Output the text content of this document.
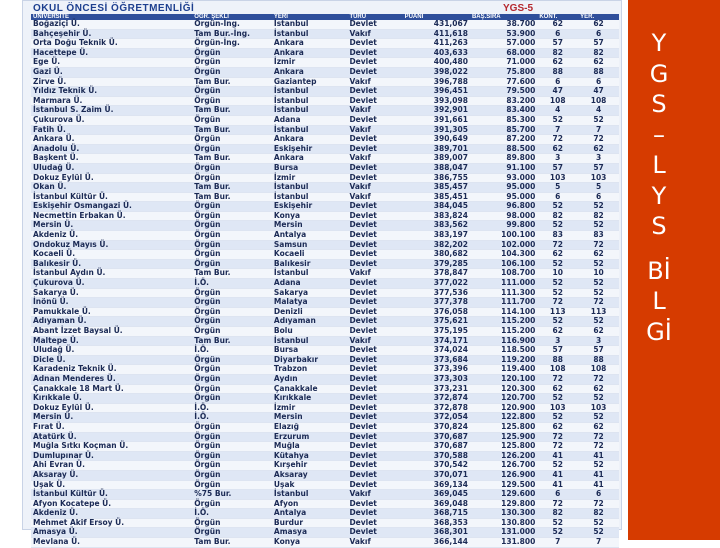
OKUL ÖNCESİ ÖĞRETMENLİĞİ	YGS-5
ÜNİVERSİTE	ÖĞR. ŞEKLİ	YERİ	TÜRÜ	PUANI	BAŞ.SIRA	KONT.	YER.
Boğaziçi Ü.	Örgün-İng.	İstanbul	Devlet	431,067	38.700	62	62
Bahçeşehir Ü.	Tam Bur.-İng.	İstanbul	Vakıf	411,618	53.900	6	6
Orta Doğu Teknik Ü.	Örgün-İng.	Ankara	Devlet	411,263	57.000	57	57
Hacettepe Ü.	Örgün	Ankara	Devlet	403,633	68.000	82	82
Ege Ü.	Örgün	İzmir	Devlet	400,480	71.000	62	62
Gazi Ü.	Örgün	Ankara	Devlet	398,022	75.800	88	88
Zirve Ü.	Tam Bur.	Gaziantep	Vakıf	396,788	77.600	6	6
Yıldız Teknik Ü.	Örgün	İstanbul	Devlet	396,451	79.500	47	47
Marmara Ü.	Örgün	İstanbul	Devlet	393,098	83.200	108	108
İstanbul S. Zaim Ü.	Tam Bur.	İstanbul	Vakıf	392,901	83.400	4	4
Çukurova Ü.	Örgün	Adana	Devlet	391,661	85.300	52	52
Fatih Ü.	Tam Bur.	İstanbul	Vakıf	391,305	85.700	7	7
Ankara Ü.	Örgün	Ankara	Devlet	390,649	87.200	72	72
Anadolu Ü.	Örgün	Eskişehir	Devlet	389,701	88.500	62	62
Başkent Ü.	Tam Bur.	Ankara	Vakıf	389,007	89.800	3	3
Uludağ Ü.	Örgün	Bursa	Devlet	388,047	91.100	57	57
Dokuz Eylül Ü.	Örgün	İzmir	Devlet	386,755	93.000	103	103
Okan Ü.	Tam Bur.	İstanbul	Vakıf	385,457	95.000	5	5
İstanbul Kültür Ü.	Tam Bur.	İstanbul	Vakıf	385,451	95.000	6	6
Eskişehir Osmangazi Ü.	Örgün	Eskişehir	Devlet	384,045	96.800	52	52
Necmettin Erbakan Ü.	Örgün	Konya	Devlet	383,824	98.000	82	82
Mersin Ü.	Örgün	Mersin	Devlet	383,562	99.800	52	52
Akdeniz Ü.	Örgün	Antalya	Devlet	383,197	100.100	83	83
Ondokuz Mayıs Ü.	Örgün	Samsun	Devlet	382,202	102.000	72	72
Kocaeli Ü.	Örgün	Kocaeli	Devlet	380,682	104.300	62	62
Balıkesir Ü.	Örgün	Balıkesir	Devlet	379,285	106.100	52	52
İstanbul Aydın Ü.	Tam Bur.	İstanbul	Vakıf	378,847	108.700	10	10
Çukurova Ü.	İ.Ö.	Adana	Devlet	377,022	111.000	52	52
Sakarya Ü.	Örgün	Sakarya	Devlet	377,536	111.300	52	52
İnönü Ü.	Örgün	Malatya	Devlet	377,378	111.700	72	72
Pamukkale Ü.	Örgün	Denizli	Devlet	376,058	114.100	113	113
Adıyaman Ü.	Örgün	Adıyaman	Devlet	375,621	115.200	52	52
Abant İzzet Baysal Ü.	Örgün	Bolu	Devlet	375,195	115.200	62	62
Maltepe Ü.	Tam Bur.	İstanbul	Vakıf	374,171	116.900	3	3
Uludağ Ü.	İ.Ö.	Bursa	Devlet	374,024	118.500	57	57
Dicle Ü.	Örgün	Diyarbakır	Devlet	373,684	119.200	88	88
Karadeniz Teknik Ü.	Örgün	Trabzon	Devlet	373,396	119.400	108	108
Adnan Menderes Ü.	Örgün	Aydın	Devlet	373,303	120.100	72	72
Çanakkale 18 Mart Ü.	Örgün	Çanakkale	Devlet	373,231	120.300	62	62
Kırıkkale Ü.	Örgün	Kırıkkale	Devlet	372,874	120.700	52	52
Dokuz Eylül Ü.	İ.Ö.	İzmir	Devlet	372,878	120.900	103	103
Mersin Ü.	İ.Ö.	Mersin	Devlet	372,054	122.800	52	52
Fırat Ü.	Örgün	Elazığ	Devlet	370,824	125.800	62	62
Atatürk Ü.	Örgün	Erzurum	Devlet	370,687	125.900	72	72
Muğla Sıtkı Koçman Ü.	Örgün	Muğla	Devlet	370,687	125.800	72	72
Dumlupınar Ü.	Örgün	Kütahya	Devlet	370,588	126.200	41	41
Ahi Evran Ü.	Örgün	Kırşehir	Devlet	370,542	126.700	52	52
Aksaray Ü.	Örgün	Aksaray	Devlet	370,071	126.900	41	41
Uşak Ü.	Örgün	Uşak	Devlet	369,134	129.500	41	41
İstanbul Kültür Ü.	%75 Bur.	İstanbul	Vakıf	369,045	129.600	6	6
Afyon Kocatepe Ü.	Örgün	Afyon	Devlet	369,048	129.800	72	72
Akdeniz Ü.	İ.Ö.	Antalya	Devlet	368,715	130.300	82	82
Mehmet Akif Ersoy Ü.	Örgün	Burdur	Devlet	368,353	130.800	52	52
Amasya Ü.	Örgün	Amasya	Devlet	368,301	131.000	52	52
Mevlana Ü.	Tam Bur.	Konya	Vakıf	366,144	131.800	7	7
Y
G
S
–
L
Y
S
Bİ
L
Gİ
